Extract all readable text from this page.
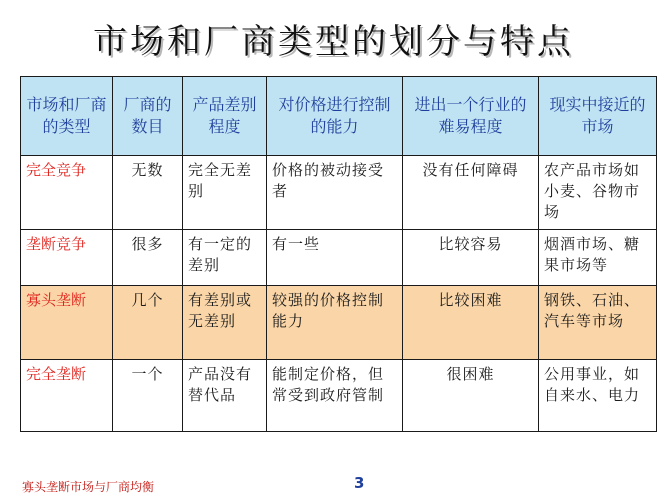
市场和厂商类型的划分与特点
市场和厂商的类型	厂商的数目	产品差别程度	对价格进行控制的能力	进出一个行业的难易程度	现实中接近的市场
完全竞争	无数	完全无差别	价格的被动接受者	没有任何障碍	农产品市场如小麦、谷物市场
垄断竞争	很多	有一定的差别	有一些	比较容易	烟酒市场、糖果市场等
寡头垄断	几个	有差别或无差别	较强的价格控制能力	比较困难	钢铁、石油、汽车等市场
完全垄断	一个	产品没有替代品	能制定价格，但常受到政府管制	很困难	公用事业，如自来水、电力
寡头垄断市场与厂商均衡	3
